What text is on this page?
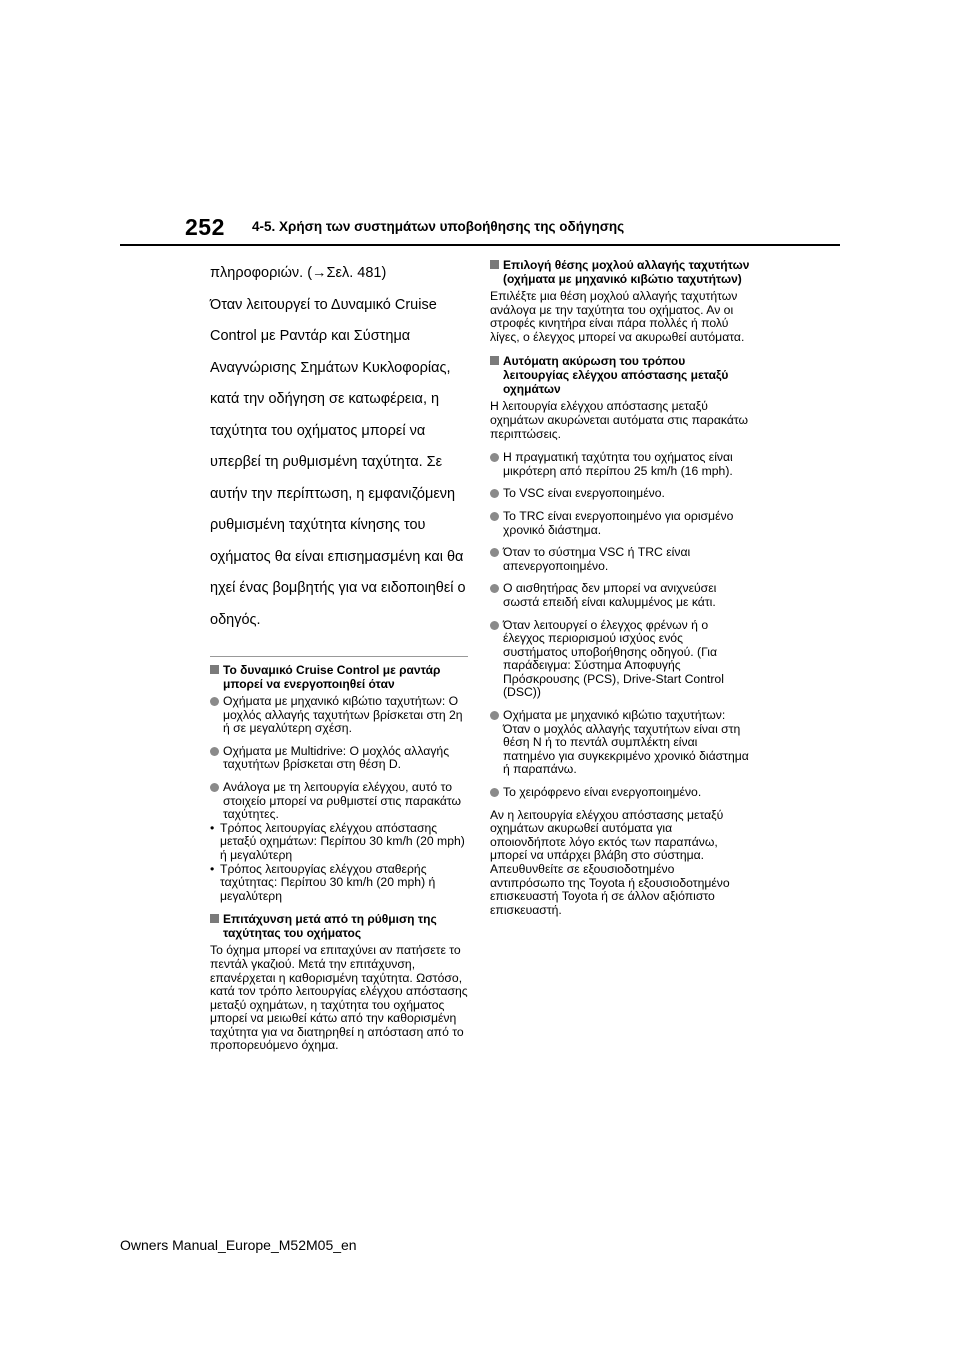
252 4-5. Χρήση των συστημάτων υποβοήθησης της οδήγησης

πληροφοριών. (→Σελ. 481)

Όταν λειτουργεί το Δυναμικό Cruise Control με Ραντάρ και Σύστημα Αναγνώρισης Σημάτων Κυκλοφορίας, κατά την οδήγηση σε κατωφέρεια, η ταχύτητα του οχήματος μπορεί να υπερβεί τη ρυθμισμένη ταχύτητα. Σε αυτήν την περίπτωση, η εμφανιζόμενη ρυθμισμένη ταχύτητα κίνησης του οχήματος θα είναι επισημασμένη και θα ηχεί ένας βομβητής για να ειδοποιηθεί ο οδηγός.

Το δυναμικό Cruise Control με ραντάρ μπορεί να ενεργοποιηθεί όταν
Οχήματα με μηχανικό κιβώτιο ταχυτήτων: Ο μοχλός αλλαγής ταχυτήτων βρίσκεται στη 2η ή σε μεγαλύτερη σχέση.
Οχήματα με Multidrive: Ο μοχλός αλλαγής ταχυτήτων βρίσκεται στη θέση D.
Ανάλογα με τη λειτουργία ελέγχου, αυτό το στοιχείο μπορεί να ρυθμιστεί στις παρακάτω ταχύτητες.
• Τρόπος λειτουργίας ελέγχου απόστασης μεταξύ οχημάτων: Περίπου 30 km/h (20 mph) ή μεγαλύτερη
• Τρόπος λειτουργίας ελέγχου σταθερής ταχύτητας: Περίπου 30 km/h (20 mph) ή μεγαλύτερη
Επιτάχυνση μετά από τη ρύθμιση της ταχύτητας του οχήματος

Το όχημα μπορεί να επιταχύνει αν πατήσετε το πεντάλ γκαζιού. Μετά την επιτάχυνση, επανέρχεται η καθορισμένη ταχύτητα. Ωστόσο, κατά τον τρόπο λειτουργίας ελέγχου απόστασης μεταξύ οχημάτων, η ταχύτητα του οχήματος μπορεί να μειωθεί κάτω από την καθορισμένη ταχύτητα για να διατηρηθεί η απόσταση από το προπορευόμενο όχημα.

Επιλογή θέσης μοχλού αλλαγής ταχυτήτων (οχήματα με μηχανικό κιβώτιο ταχυτήτων)

Επιλέξτε μια θέση μοχλού αλλαγής ταχυτήτων ανάλογα με την ταχύτητα του οχήματος. Αν οι στροφές κινητήρα είναι πάρα πολλές ή πολύ λίγες, ο έλεγχος μπορεί να ακυρωθεί αυτόματα.

Αυτόματη ακύρωση του τρόπου λειτουργίας ελέγχου απόστασης μεταξύ οχημάτων

Η λειτουργία ελέγχου απόστασης μεταξύ οχημάτων ακυρώνεται αυτόματα στις παρακάτω περιπτώσεις.

Η πραγματική ταχύτητα του οχήματος είναι μικρότερη από περίπου 25 km/h (16 mph).
Το VSC είναι ενεργοποιημένο.
Το TRC είναι ενεργοποιημένο για ορισμένο χρονικό διάστημα.
Όταν το σύστημα VSC ή TRC είναι απενεργοποιημένο.
Ο αισθητήρας δεν μπορεί να ανιχνεύσει σωστά επειδή είναι καλυμμένος με κάτι.
Όταν λειτουργεί ο έλεγχος φρένων ή ο έλεγχος περιορισμού ισχύος ενός συστήματος υποβοήθησης οδηγού. (Για παράδειγμα: Σύστημα Αποφυγής Πρόσκρουσης (PCS), Drive-Start Control (DSC))
Οχήματα με μηχανικό κιβώτιο ταχυτήτων: Όταν ο μοχλός αλλαγής ταχυτήτων είναι στη θέση N ή το πεντάλ συμπλέκτη είναι πατημένο για συγκεκριμένο χρονικό διάστημα ή παραπάνω.
Το χειρόφρενο είναι ενεργοποιημένο.

Αν η λειτουργία ελέγχου απόστασης μεταξύ οχημάτων ακυρωθεί αυτόματα για οποιονδήποτε λόγο εκτός των παραπάνω, μπορεί να υπάρχει βλάβη στο σύστημα. Απευθυνθείτε σε εξουσιοδοτημένο αντιπρόσωπο της Toyota ή εξουσιοδοτημένο επισκευαστή Toyota ή σε άλλον αξιόπιστο επισκευαστή.

Owners Manual_Europe_M52M05_en
